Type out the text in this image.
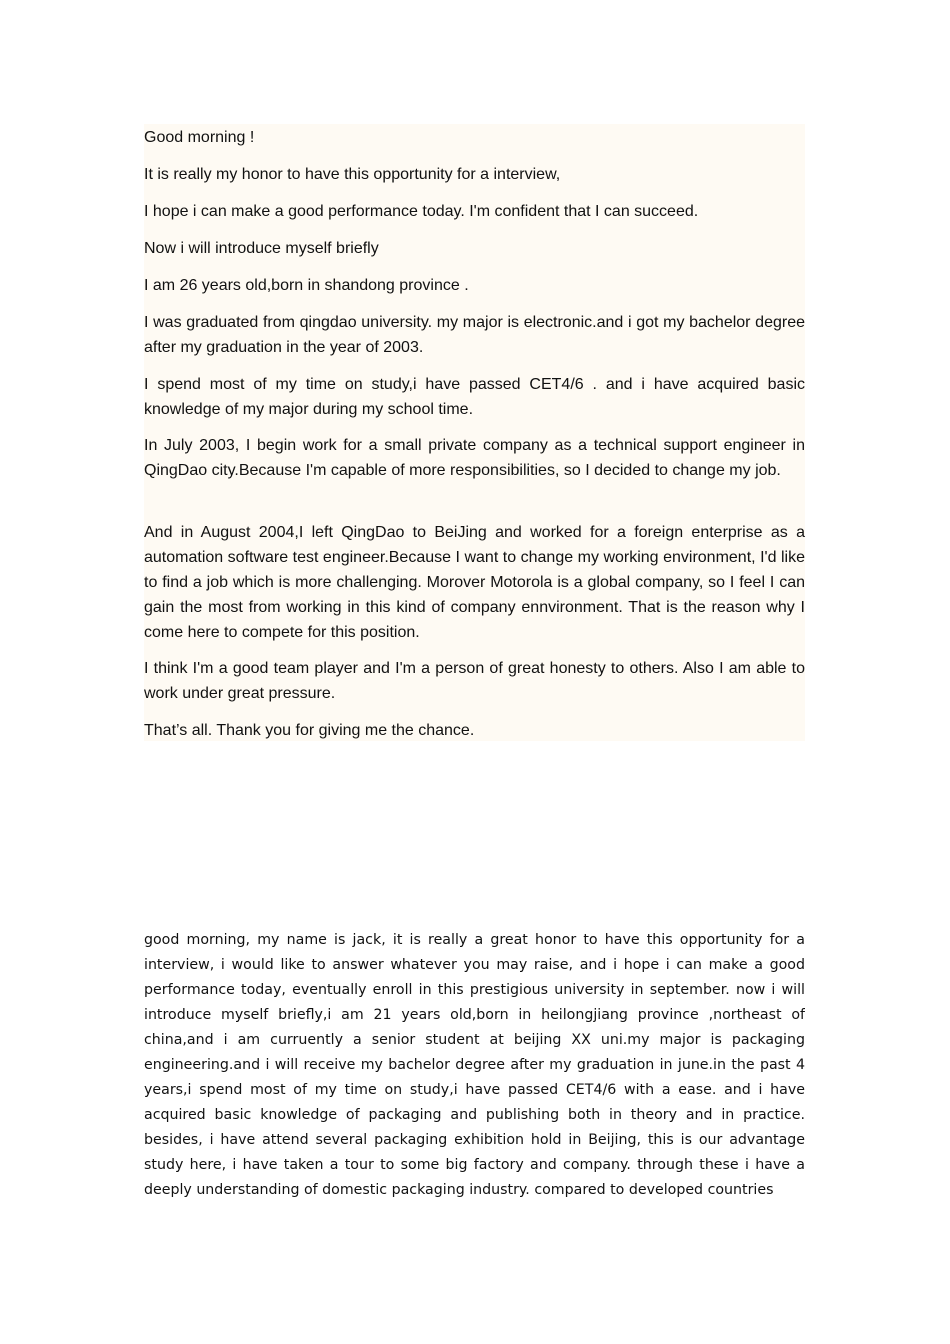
Good morning !

It is really my honor to have this opportunity for a interview,

I hope i can make a good performance today. I'm confident that I can succeed.

Now i will introduce myself briefly

I am 26 years old,born in shandong province .

I was graduated from qingdao university. my major is electronic.and i got my bachelor degree after my graduation in the year of 2003.

I spend most of my time on study,i have passed CET4/6 . and i have acquired basic knowledge of my major during my school time.

In July 2003, I begin work for a small private company as a technical support engineer in QingDao city.Because I'm capable of more responsibilities, so I decided to change my job.

And in August 2004,I left QingDao to BeiJing and worked for a foreign enterprise as a automation software test engineer.Because I want to change my working environment, I'd like to find a job which is more challenging. Morover Motorola is a global company, so I feel I can gain the most from working in this kind of company ennvironment. That is the reason why I come here to compete for this position.

I think I'm a good team player and I'm a person of great honesty to others. Also I am able to work under great pressure.

That’s all. Thank you for giving me the chance.

good morning, my name is jack, it is really a great honor to have this opportunity for a interview, i would like to answer whatever you may raise, and i hope i can make a good performance today, eventually enroll in this prestigious university in september. now i will introduce myself briefly,i am 21 years old,born in heilongjiang province ,northeast of china,and i am curruently a senior student at beijing XX uni.my major is packaging engineering.and i will receive my bachelor degree after my graduation in june.in the past 4 years,i spend most of my time on study,i have passed CET4/6 with a ease. and i have acquired basic knowledge of packaging and publishing both in theory and in practice. besides, i have attend several packaging exhibition hold in Beijing, this is our advantage study here, i have taken a tour to some big factory and company. through these i have a deeply understanding of domestic packaging industry. compared to developed countries
